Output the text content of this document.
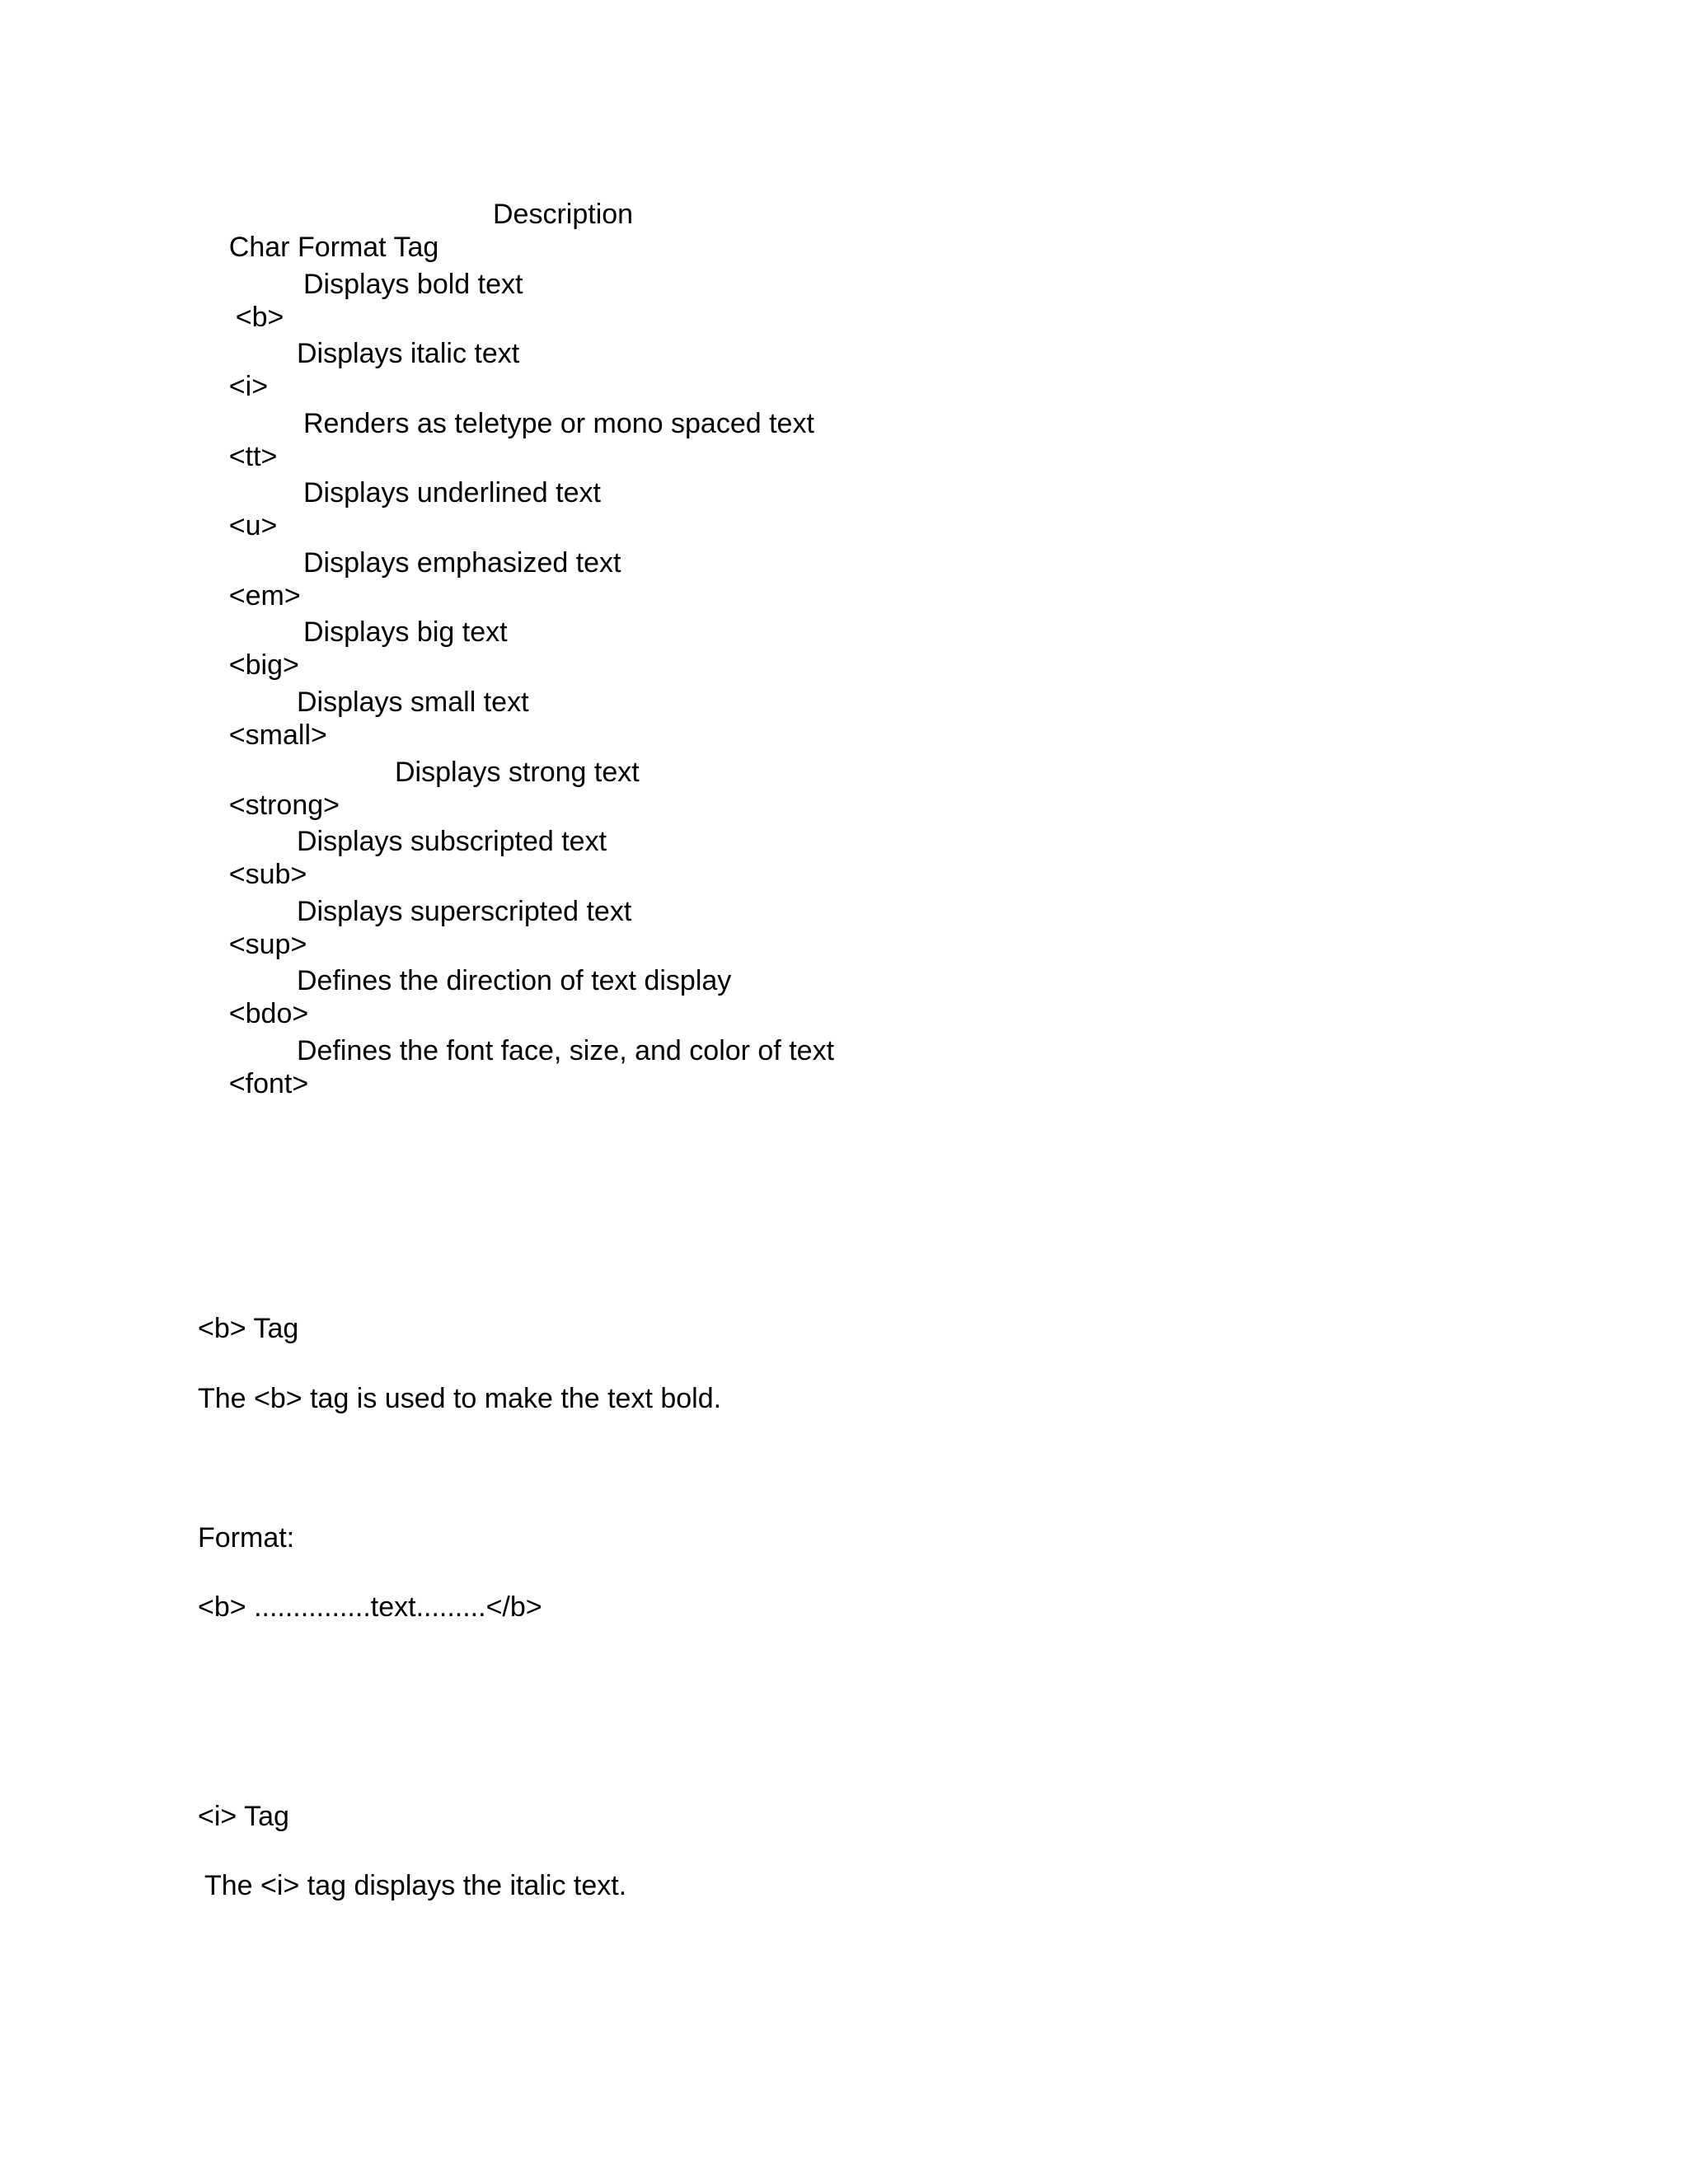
Char Format Tag

Description

<b>

Displays bold text

<i>

Displays italic text

<tt>

Renders as teletype or mono spaced text

<u>

Displays underlined text

<em>

Displays emphasized text

<big>

Displays big text

<small>

Displays small text

<strong>

Displays strong text

<sub>

Displays subscripted text

<sup>

Displays superscripted text

<bdo>

Defines the direction of text display

<font>

Defines the font face, size, and color of text

<b> Tag
The <b> tag is used to make the text bold.
Format:
<b> ...............text.........</b>
<i> Tag
The <i> tag displays the italic text.
